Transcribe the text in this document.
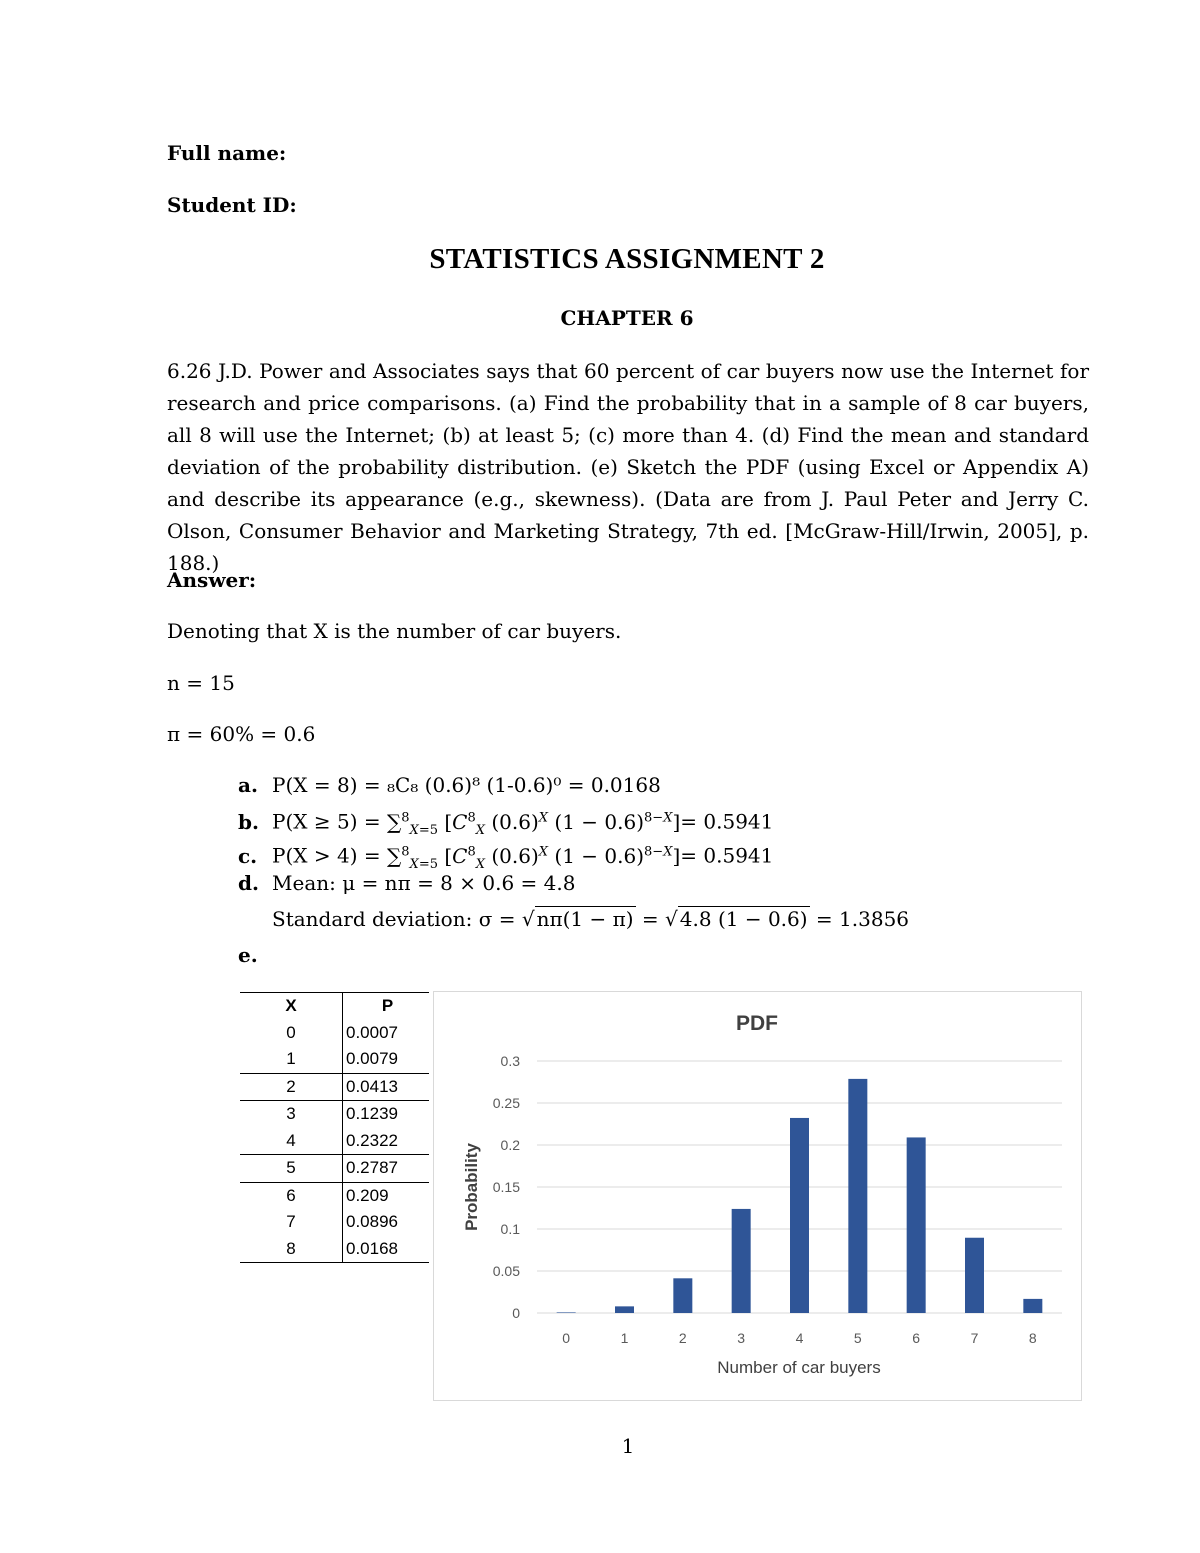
Full name:
Student ID:
STATISTICS ASSIGNMENT 2
CHAPTER 6
6.26 J.D. Power and Associates says that 60 percent of car buyers now use the Internet for research and price comparisons. (a) Find the probability that in a sample of 8 car buyers, all 8 will use the Internet; (b) at least 5; (c) more than 4. (d) Find the mean and standard deviation of the probability distribution. (e) Sketch the PDF (using Excel or Appendix A) and describe its appearance (e.g., skewness). (Data are from J. Paul Peter and Jerry C. Olson, Consumer Behavior and Marketing Strategy, 7th ed. [McGraw-Hill/Irwin, 2005], p. 188.)
Answer:
Denoting that X is the number of car buyers.
n = 15
π = 60% = 0.6
a. P(X = 8) = ₈C₈ (0.6)⁸ (1-0.6)⁰ = 0.0168
b. P(X ≥ 5) = ∑$^8_{X=5}$ [$C^8_X$ $(0.6)^X$ $(1 - 0.6)^{8-X}]= 0.5941$
c. P(X > 4) = ∑$^8_{X=5}$ [$C^8_X$ $(0.6)^X$ $(1 - 0.6)^{8-X}]= 0.5941$
d. Mean: μ = nπ = 8 × 0.6 = 4.8
Standard deviation: σ = √ nπ(1 − π) = √ 4.8 (1 − 0.6) = 1.3856
e.
X	P
0	0.0007
1	0.0079
2	0.0413
3	0.1239
4	0.2322
5	0.2787
6	0.209
7	0.0896
8	0.0168
PDF
0
0.05
0.1
0.15
0.2
0.25
0.3
0	1	2	3	4	5	6	7	8
Number of car buyers
Probability
1
